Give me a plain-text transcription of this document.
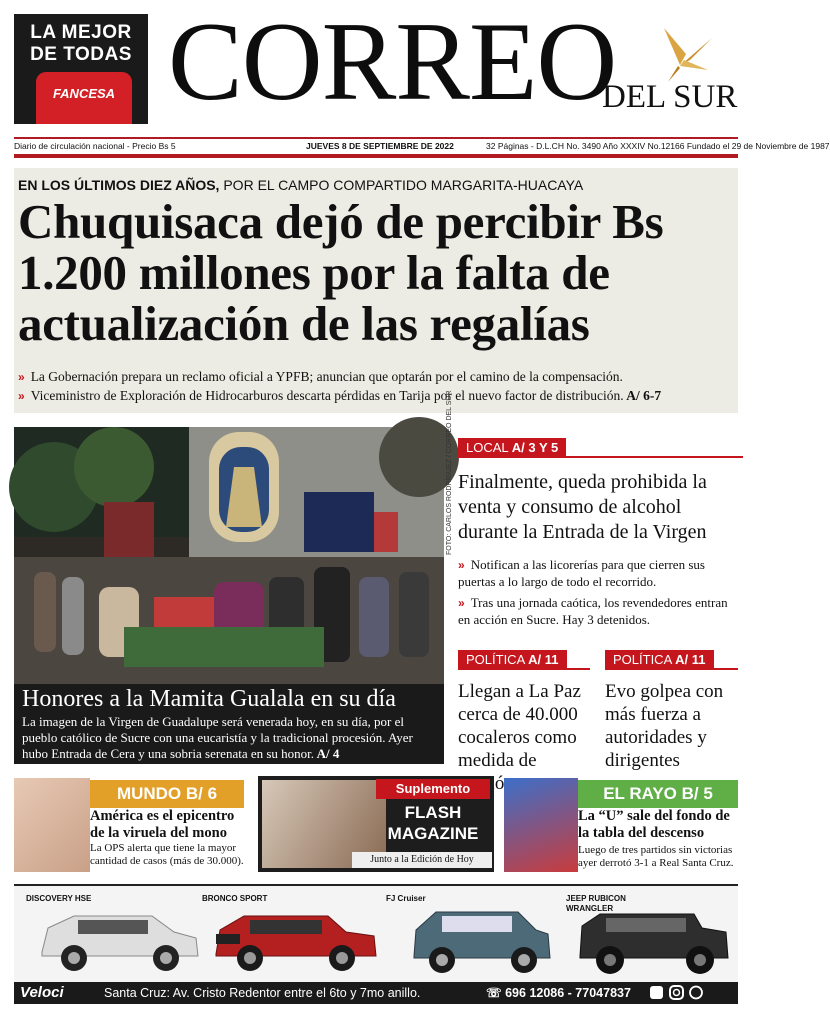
LA MEJOR
DE TODAS
FANCESA CORREO
DEL SUR
Diario de circulación nacional - Precio Bs 5	JUEVES 8 DE SEPTIEMBRE DE 2022	32 Páginas - D.L.CH No. 3490 Año XXXIV No.12166 Fundado el 29 de Noviembre de 1987
EN LOS ÚLTIMOS DIEZ AÑOS, POR EL CAMPO COMPARTIDO MARGARITA-HUACAYA
Chuquisaca dejó de percibir Bs 1.200 millones por la falta de actualización de las regalías
» La Gobernación prepara un reclamo oficial a YPFB; anuncian que optarán por el camino de la compensación.
» Viceministro de Exploración de Hidrocarburos descarta pérdidas en Tarija por el nuevo factor de distribución. A/ 6-7
FOTO: CARLOS RODRÍGUEZ / CORREO DEL SUR
Honores a la Mamita Gualala en su día
La imagen de la Virgen de Guadalupe será venerada hoy, en su día, por el pueblo católico de Sucre con una eucaristía y la tradicional procesión. Ayer hubo Entrada de Cera y una sobria serenata en su honor. A/ 4
LOCAL A/ 3 Y 5
Finalmente, queda prohibida la venta y consumo de alcohol durante la Entrada de la Virgen
» Notifican a las licorerías para que cierren sus puertas a lo largo de todo el recorrido.
» Tras una jornada caótica, los revendedores entran en acción en Sucre. Hay 3 detenidos.
POLÍTICA A/ 11
Llegan a La Paz cerca de 40.000 cocaleros como medida de
POLÍTICA A/ 11
Evo golpea con más fuerza a autoridades y dirigentes
MUNDO B/ 6
América es el epicentro de la viruela del mono
La OPS alerta que tiene la mayor cantidad de casos (más de 30.000).
Suplemento
FLASH
MAGAZINE
Junto a la Edición de Hoy
EL RAYO B/ 5
La “U” sale del fondo de la tabla del descenso
Luego de tres partidos sin victorias ayer derrotó 3-1 a Real Santa Cruz.
DISCOVERY HSE	BRONCO SPORT	FJ Cruiser	JEEP RUBICON
WRANGLER
Veloci	Santa Cruz: Av. Cristo Redentor entre el 6to y 7mo anillo.	☏ 696 12086 - 77047837
